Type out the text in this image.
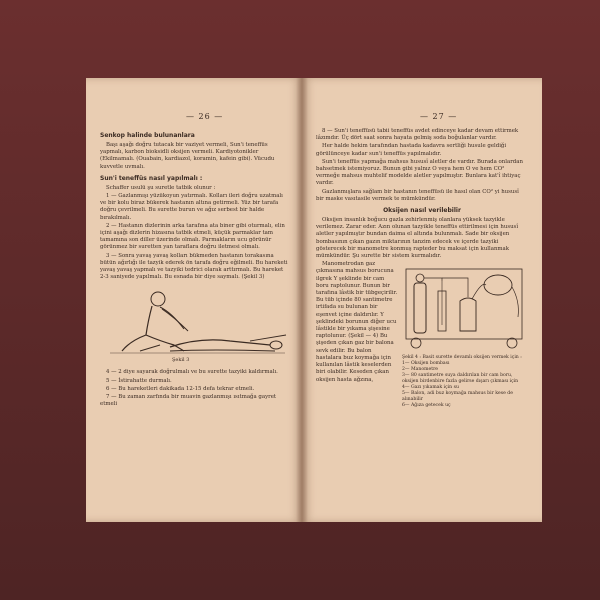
— 26 —
Senkop halinde bulunanlara

Başı aşağı doğru tutacak bir vaziyet vermeli, Sun'i teneffüs yapmalı, karbon bioksidli oksijen vermeli. Kardiyotonikler (Ekilmamalı. (Ouabain, kardiazol, koramin, kafein gibi). Vücudu kuvvetle uvmalı.

Sun'i teneffüs nasıl yapılmalı :

Schaffer usulü şu suretle tatbik olunur :

1 — Gazlanmışı yüzükoyun yatırmalı. Kolları ileri doğru uzatmalı ve bir kolu biraz bükerek hastanın altına getirmeli. Yüz bir tarafa doğru çevrilmeli. Bu surette burun ve ağız serbest bir halde bırakılmalı.

2 — Hastanın dizlerinin arka tarafına ata biner gibi oturmalı, elin içini aşağı dizlerin hizasına tatbik etmeli, küçük parmaklar tam tamamına son diller üzerinde olmalı. Parmakların ucu görünür görünmez bir suretten yan taraflara doğru iletmesi olmalı.

3 — Sonra yavaş yavaş kolları bükmeden hastanın torakasına bütün ağırlığı ile tazyik ederek ön tarafa doğru eğilmeli. Bu hareketi yavaş yavaş yapmalı ve tazyiki tedrici olarak arttırmalı. Bu hareket 2-3 saniyede yapılmalı. Bu esnada bir diye saymalı. (Şekil 3)

Şekil 3

4 — 2 diye sayarak doğrulmalı ve bu surette tazyiki kaldırmalı.

5 — İstirahatte durmalı.

6 — Bu hareketleri dakikada 12-15 defa tekrar etmeli.

7 — Bu zaman zarfında bir muavin gazlanmışı ısıtmağa gayret etmeli

— 27 —

8 — Sun'i teneffüsü tabii teneffüs avdet edinceye kadar devam ettirmek lâzımdır. Üç dört saat sonra hayata gelmiş soda boğulanlar vardır.

Her halde hekim tarafından hastada kadavra sertliği husule geldiği görülünceye kadar sun'i teneffüs yapılmalıdır.

Sun'i teneffüs yapmağa mahsus hususî aletler de vardır. Burada onlardan bahsetmek istemiyoruz. Bunun gibi yalnız O veya hem O ve hem CO² vermeğe mahsus muhtelif modelde aletler yapılmıştır. Bunlara kat'î ihtiyaç vardır.

Gazlanmışlara sağlam bir hastanın teneffüsü ile hasıl olan CO² yi hususî bir maske vasıtasile vermek te mümkündür.

Oksijen nasıl verilebilir

Oksijen insanlık boğucu gazla zehirlenmiş olanlara yüksek tazyikle verilemez. Zarar eder. Azın olunan tazyikle teneffüs ettirilmesi için hususî aletler yapılmıştır bundan daima el altında bulunmalı. Sade bir oksijen bombasının çıkan gazın miktarının tanzim edecek ve içerde tazyiki gösterecek bir manometre konmuş rapteder bu maksat için kullanmak mümkündür. Şu surette bir sistem kurmalıdır.

Manometrodan gaz çıkmasına mahsus borucuna ilgrek Y şeklinde bir cam boru raptolunur. Bunun bir tarafına lâstik bir tübgeçirilir. Bu tüb içinde 80 santimetre irtifada su bulunan bir eşenvet içine daldırılır. Y şeklindeki borunun diğer ucu lâstikle bir yıkama şişesine raptolunur. (Şekil — 4) Bu şişeden çıkan gaz bir balona sevk edilir. Bu balon hastalara buz koymağa için kullanılan lâstik keselerden biri olabilir. Keseden çıkan oksijen hasta ağzına,

Şekil 4 : Basit surette devamlı oksijen vermek için :
1— Oksijen bombası
2— Manometre
3— 80 santimetre suya daldırılan bir cam boru, oksijen birdenbire fazla gelirse dışarı çıkması için
4— Gazı yıkamak için su
5— Balon, adi buz koymağa mahsus bir kese de alınabilir
6— Ağıza getecek uç
